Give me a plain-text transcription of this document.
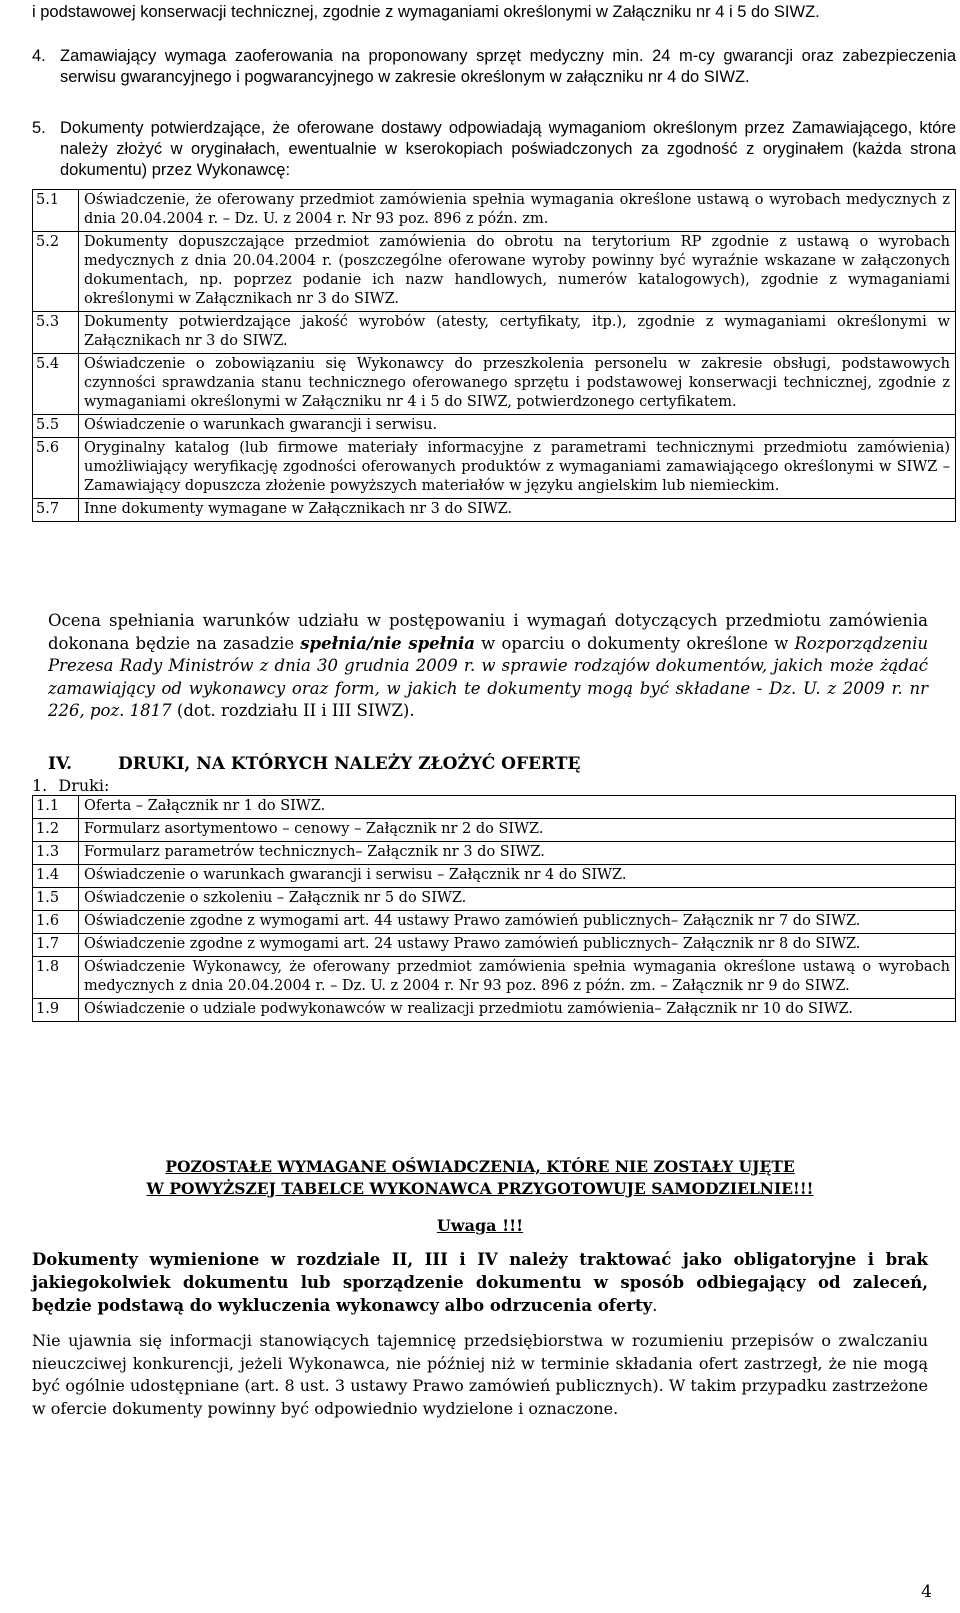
i podstawowej konserwacji technicznej, zgodnie z wymaganiami określonymi w Załączniku nr 4 i 5 do SIWZ.
4. Zamawiający wymaga zaoferowania na proponowany sprzęt medyczny min. 24 m-cy gwarancji oraz zabezpieczenia serwisu gwarancyjnego i pogwarancyjnego w zakresie określonym w załączniku nr 4 do SIWZ.
5. Dokumenty potwierdzające, że oferowane dostawy odpowiadają wymaganiom określonym przez Zamawiającego, które należy złożyć w oryginałach, ewentualnie w kserokopiach poświadczonych za zgodność z oryginałem (każda strona dokumentu) przez Wykonawcę:
5.1	Oświadczenie, że oferowany przedmiot zamówienia spełnia wymagania określone ustawą o wyrobach medycznych z dnia 20.04.2004 r. – Dz. U. z 2004 r. Nr 93 poz. 896 z późn. zm.
5.2	Dokumenty dopuszczające przedmiot zamówienia do obrotu na terytorium RP zgodnie z ustawą o wyrobach medycznych z dnia 20.04.2004 r. (poszczególne oferowane wyroby powinny być wyraźnie wskazane w załączonych dokumentach, np. poprzez podanie ich nazw handlowych, numerów katalogowych), zgodnie z wymaganiami określonymi w Załącznikach nr 3 do SIWZ.
5.3	Dokumenty potwierdzające jakość wyrobów (atesty, certyfikaty, itp.), zgodnie z wymaganiami określonymi w Załącznikach nr 3 do SIWZ.
5.4	Oświadczenie o zobowiązaniu się Wykonawcy do przeszkolenia personelu w zakresie obsługi, podstawowych czynności sprawdzania stanu technicznego oferowanego sprzętu i podstawowej konserwacji technicznej, zgodnie z wymaganiami określonymi w Załączniku nr 4 i 5 do SIWZ, potwierdzonego certyfikatem.
5.5	Oświadczenie o warunkach gwarancji i serwisu.
5.6	Oryginalny katalog (lub firmowe materiały informacyjne z parametrami technicznymi przedmiotu zamówienia) umożliwiający weryfikację zgodności oferowanych produktów z wymaganiami zamawiającego określonymi w SIWZ – Zamawiający dopuszcza złożenie powyższych materiałów w języku angielskim lub niemieckim.
5.7	Inne dokumenty wymagane w Załącznikach nr 3 do SIWZ.
Ocena spełniania warunków udziału w postępowaniu i wymagań dotyczących przedmiotu zamówienia dokonana będzie na zasadzie spełnia/nie spełnia w oparciu o dokumenty określone w Rozporządzeniu Prezesa Rady Ministrów z dnia 30 grudnia 2009 r. w sprawie rodzajów dokumentów, jakich może żądać zamawiający od wykonawcy oraz form, w jakich te dokumenty mogą być składane - Dz. U. z 2009 r. nr 226, poz. 1817 (dot. rozdziału II i III SIWZ).
IV.	DRUKI, NA KTÓRYCH NALEŻY ZŁOŻYĆ OFERTĘ
1. Druki:
1.1	Oferta – Załącznik nr 1 do SIWZ.
1.2	Formularz asortymentowo – cenowy – Załącznik nr 2 do SIWZ.
1.3	Formularz parametrów technicznych– Załącznik nr 3 do SIWZ.
1.4	Oświadczenie o warunkach gwarancji i serwisu – Załącznik nr 4 do SIWZ.
1.5	Oświadczenie o szkoleniu – Załącznik nr 5 do SIWZ.
1.6	Oświadczenie zgodne z wymogami art. 44 ustawy Prawo zamówień publicznych– Załącznik nr 7 do SIWZ.
1.7	Oświadczenie zgodne z wymogami art. 24 ustawy Prawo zamówień publicznych– Załącznik nr 8 do SIWZ.
1.8	Oświadczenie Wykonawcy, że oferowany przedmiot zamówienia spełnia wymagania określone ustawą o wyrobach medycznych z dnia 20.04.2004 r. – Dz. U. z 2004 r. Nr 93 poz. 896 z późn. zm. – Załącznik nr 9 do SIWZ.
1.9	Oświadczenie o udziale podwykonawców w realizacji przedmiotu zamówienia– Załącznik nr 10 do SIWZ.
POZOSTAŁE WYMAGANE OŚWIADCZENIA, KTÓRE NIE ZOSTAŁY UJĘTE
W POWYŻSZEJ TABELCE WYKONAWCA PRZYGOTOWUJE SAMODZIELNIE!!!
Uwaga !!!
Dokumenty wymienione w rozdziale II, III i IV należy traktować jako obligatoryjne i brak jakiegokolwiek dokumentu lub sporządzenie dokumentu w sposób odbiegający od zaleceń, będzie podstawą do wykluczenia wykonawcy albo odrzucenia oferty.
Nie ujawnia się informacji stanowiących tajemnicę przedsiębiorstwa w rozumieniu przepisów o zwalczaniu nieuczciwej konkurencji, jeżeli Wykonawca, nie później niż w terminie składania ofert zastrzegł, że nie mogą być ogólnie udostępniane (art. 8 ust. 3 ustawy Prawo zamówień publicznych). W takim przypadku zastrzeżone w ofercie dokumenty powinny być odpowiednio wydzielone i oznaczone.
4
